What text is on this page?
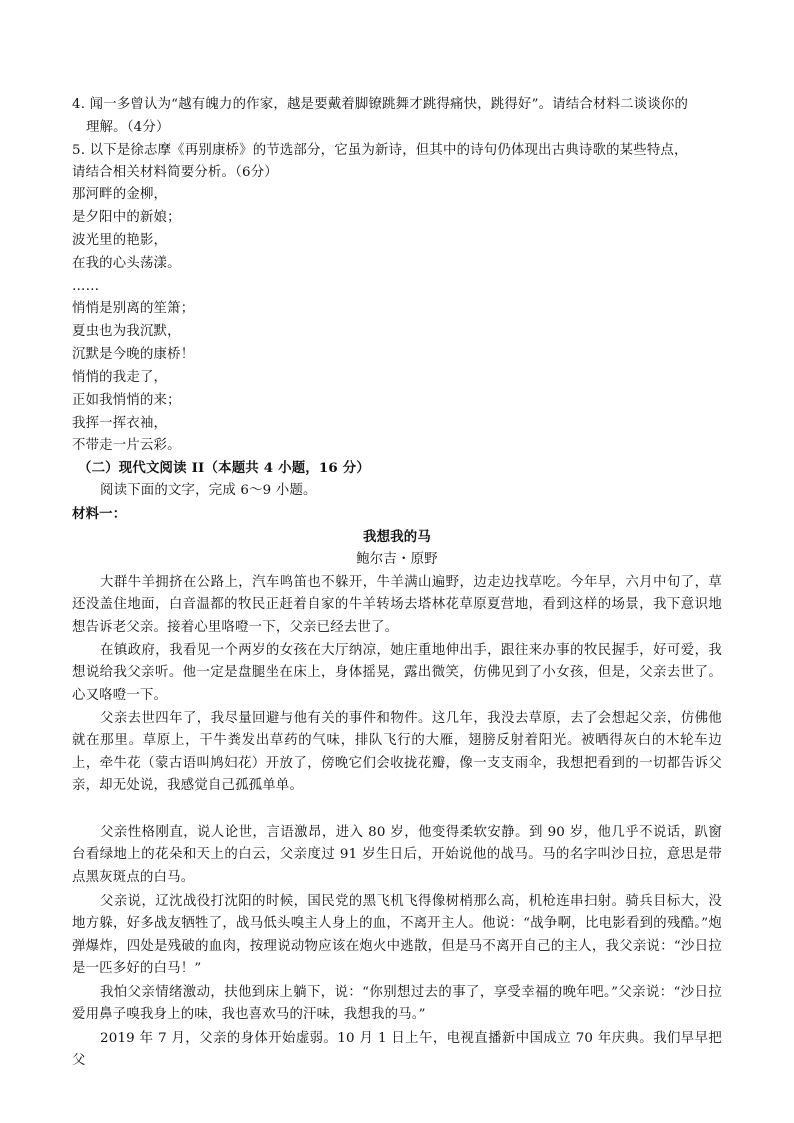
4. 闻一多曾认为“越有魄力的作家，越是要戴着脚镣跳舞才跳得痛快，跳得好”。请结合材料二谈谈你的
理解。（4分）
5. 以下是徐志摩《再别康桥》的节选部分，它虽为新诗，但其中的诗句仍体现出古典诗歌的某些特点，
请结合相关材料简要分析。（6分）
那河畔的金柳，
是夕阳中的新娘；
波光里的艳影，
在我的心头荡漾。
……
悄悄是别离的笙箫；
夏虫也为我沉默，
沉默是今晚的康桥！
悄悄的我走了，
正如我悄悄的来；
我挥一挥衣袖，
不带走一片云彩。
（二）现代文阅读 II（本题共 4 小题，16 分）
阅读下面的文字，完成 6～9 小题。
材料一：
我想我的马
鲍尔吉・原野
大群牛羊拥挤在公路上，汽车鸣笛也不躲开，牛羊满山遍野，边走边找草吃。今年早，六月中旬了，草还没盖住地面，白音温都的牧民正赶着自家的牛羊转场去塔林花草原夏营地，看到这样的场景，我下意识地想告诉老父亲。接着心里咯噔一下，父亲已经去世了。
在镇政府，我看见一个两岁的女孩在大厅纳凉，她庄重地伸出手，跟往来办事的牧民握手，好可爱，我想说给我父亲听。他一定是盘腿坐在床上，身体摇晃，露出微笑，仿佛见到了小女孩，但是，父亲去世了。心又咯噔一下。
父亲去世四年了，我尽量回避与他有关的事件和物件。这几年，我没去草原，去了会想起父亲，仿佛他就在那里。草原上，干牛粪发出草药的气味，排队飞行的大雁，翅膀反射着阳光。被晒得灰白的木轮车边上，牵牛花（蒙古语叫鸠妇花）开放了，傍晚它们会收拢花瓣，像一支支雨伞，我想把看到的一切都告诉父亲，却无处说，我感觉自己孤孤单单。
父亲性格刚直，说人论世，言语激昂，进入 80 岁，他变得柔软安静。到 90 岁，他几乎不说话，趴窗台看绿地上的花朵和天上的白云，父亲度过 91 岁生日后，开始说他的战马。马的名字叫沙日拉，意思是带点黑灰斑点的白马。
父亲说，辽沈战役打沈阳的时候，国民党的黑飞机飞得像树梢那么高，机枪连串扫射。骑兵目标大，没地方躲，好多战友牺牲了，战马低头嗅主人身上的血，不离开主人。他说：“战争啊，比电影看到的残酷。”炮弹爆炸，四处是残破的血肉，按理说动物应该在炮火中逃散，但是马不离开自己的主人，我父亲说：“沙日拉是一匹多好的白马！”
我怕父亲情绪激动，扶他到床上躺下，说：“你别想过去的事了，享受幸福的晚年吧。”父亲说：“沙日拉爱用鼻子嗅我身上的味，我也喜欢马的汗味，我想我的马。”
2019 年 7 月，父亲的身体开始虚弱。10 月 1 日上午，电视直播新中国成立 70 年庆典。我们早早把父
